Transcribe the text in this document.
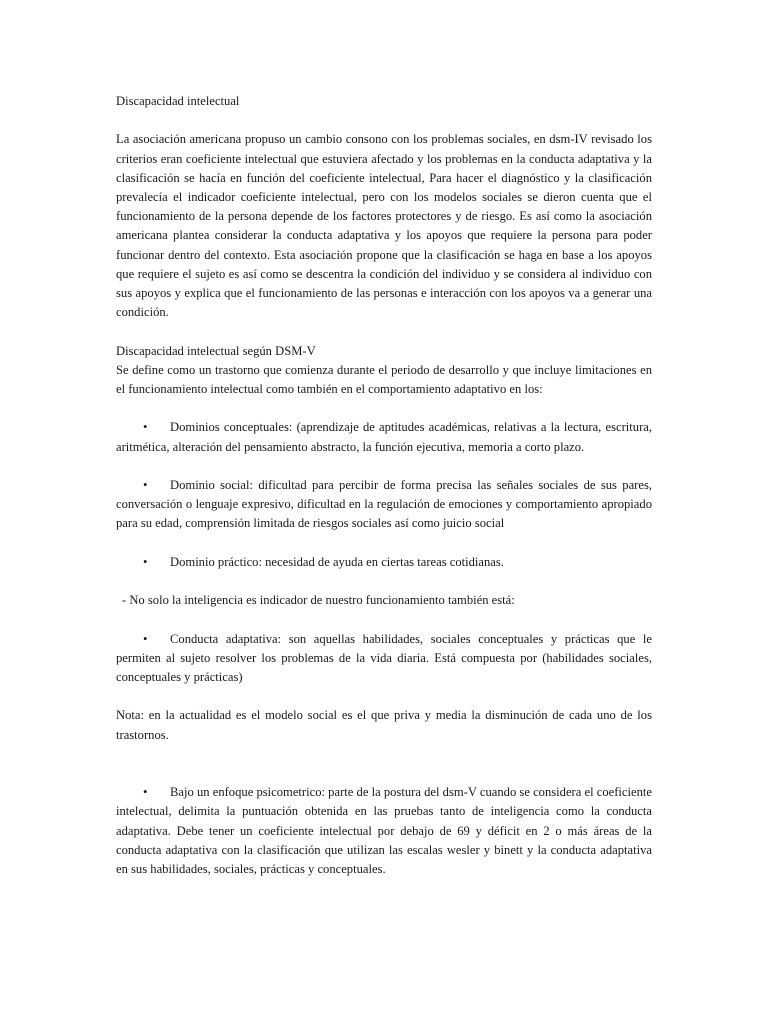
Discapacidad intelectual

La asociación americana propuso un cambio consono con los problemas sociales, en dsm-IV revisado los criterios eran coeficiente intelectual que estuviera afectado y los problemas en la conducta adaptativa y la clasificación se hacía en función del coeficiente intelectual, Para hacer el diagnóstico y la clasificación prevalecía el indicador coeficiente intelectual, pero con los modelos sociales se dieron cuenta que el funcionamiento de la persona depende de los factores protectores y de riesgo. Es así como la asociación americana plantea considerar la conducta adaptativa y los apoyos que requiere la persona para poder funcionar dentro del contexto. Esta asociación propone que la clasificación se haga en base a los apoyos que requiere el sujeto es así como se descentra la condición del individuo y se considera al individuo con sus apoyos y explica que el funcionamiento de las personas e interacción con los apoyos va a generar una condición.

Discapacidad intelectual según DSM-V

Se define como un trastorno que comienza durante el periodo de desarrollo y que incluye limitaciones en el funcionamiento intelectual como también en el comportamiento adaptativo en los:

• Dominios conceptuales: (aprendizaje de aptitudes académicas, relativas a la lectura, escritura, aritmética, alteración del pensamiento abstracto, la función ejecutiva, memoria a corto plazo.

• Dominio social: dificultad para percibir de forma precisa las señales sociales de sus pares, conversación o lenguaje expresivo, dificultad en la regulación de emociones y comportamiento apropiado para su edad, comprensión limitada de riesgos sociales así como juicio social

• Dominio práctico: necesidad de ayuda en ciertas tareas cotidianas.

- No solo la inteligencia es indicador de nuestro funcionamiento también está:

• Conducta adaptativa: son aquellas habilidades, sociales conceptuales y prácticas que le permiten al sujeto resolver los problemas de la vida diaria. Está compuesta por (habilidades sociales, conceptuales y prácticas)

Nota: en la actualidad es el modelo social es el que priva y media la disminución de cada uno de los trastornos.

• Bajo un enfoque psicometrico: parte de la postura del dsm-V cuando se considera el coeficiente intelectual, delimita la puntuación obtenida en las pruebas tanto de inteligencia como la conducta adaptativa. Debe tener un coeficiente intelectual por debajo de 69 y déficit en 2 o más áreas de la conducta adaptativa con la clasificación que utilizan las escalas wesler y binett y la conducta adaptativa en sus habilidades, sociales, prácticas y conceptuales.
